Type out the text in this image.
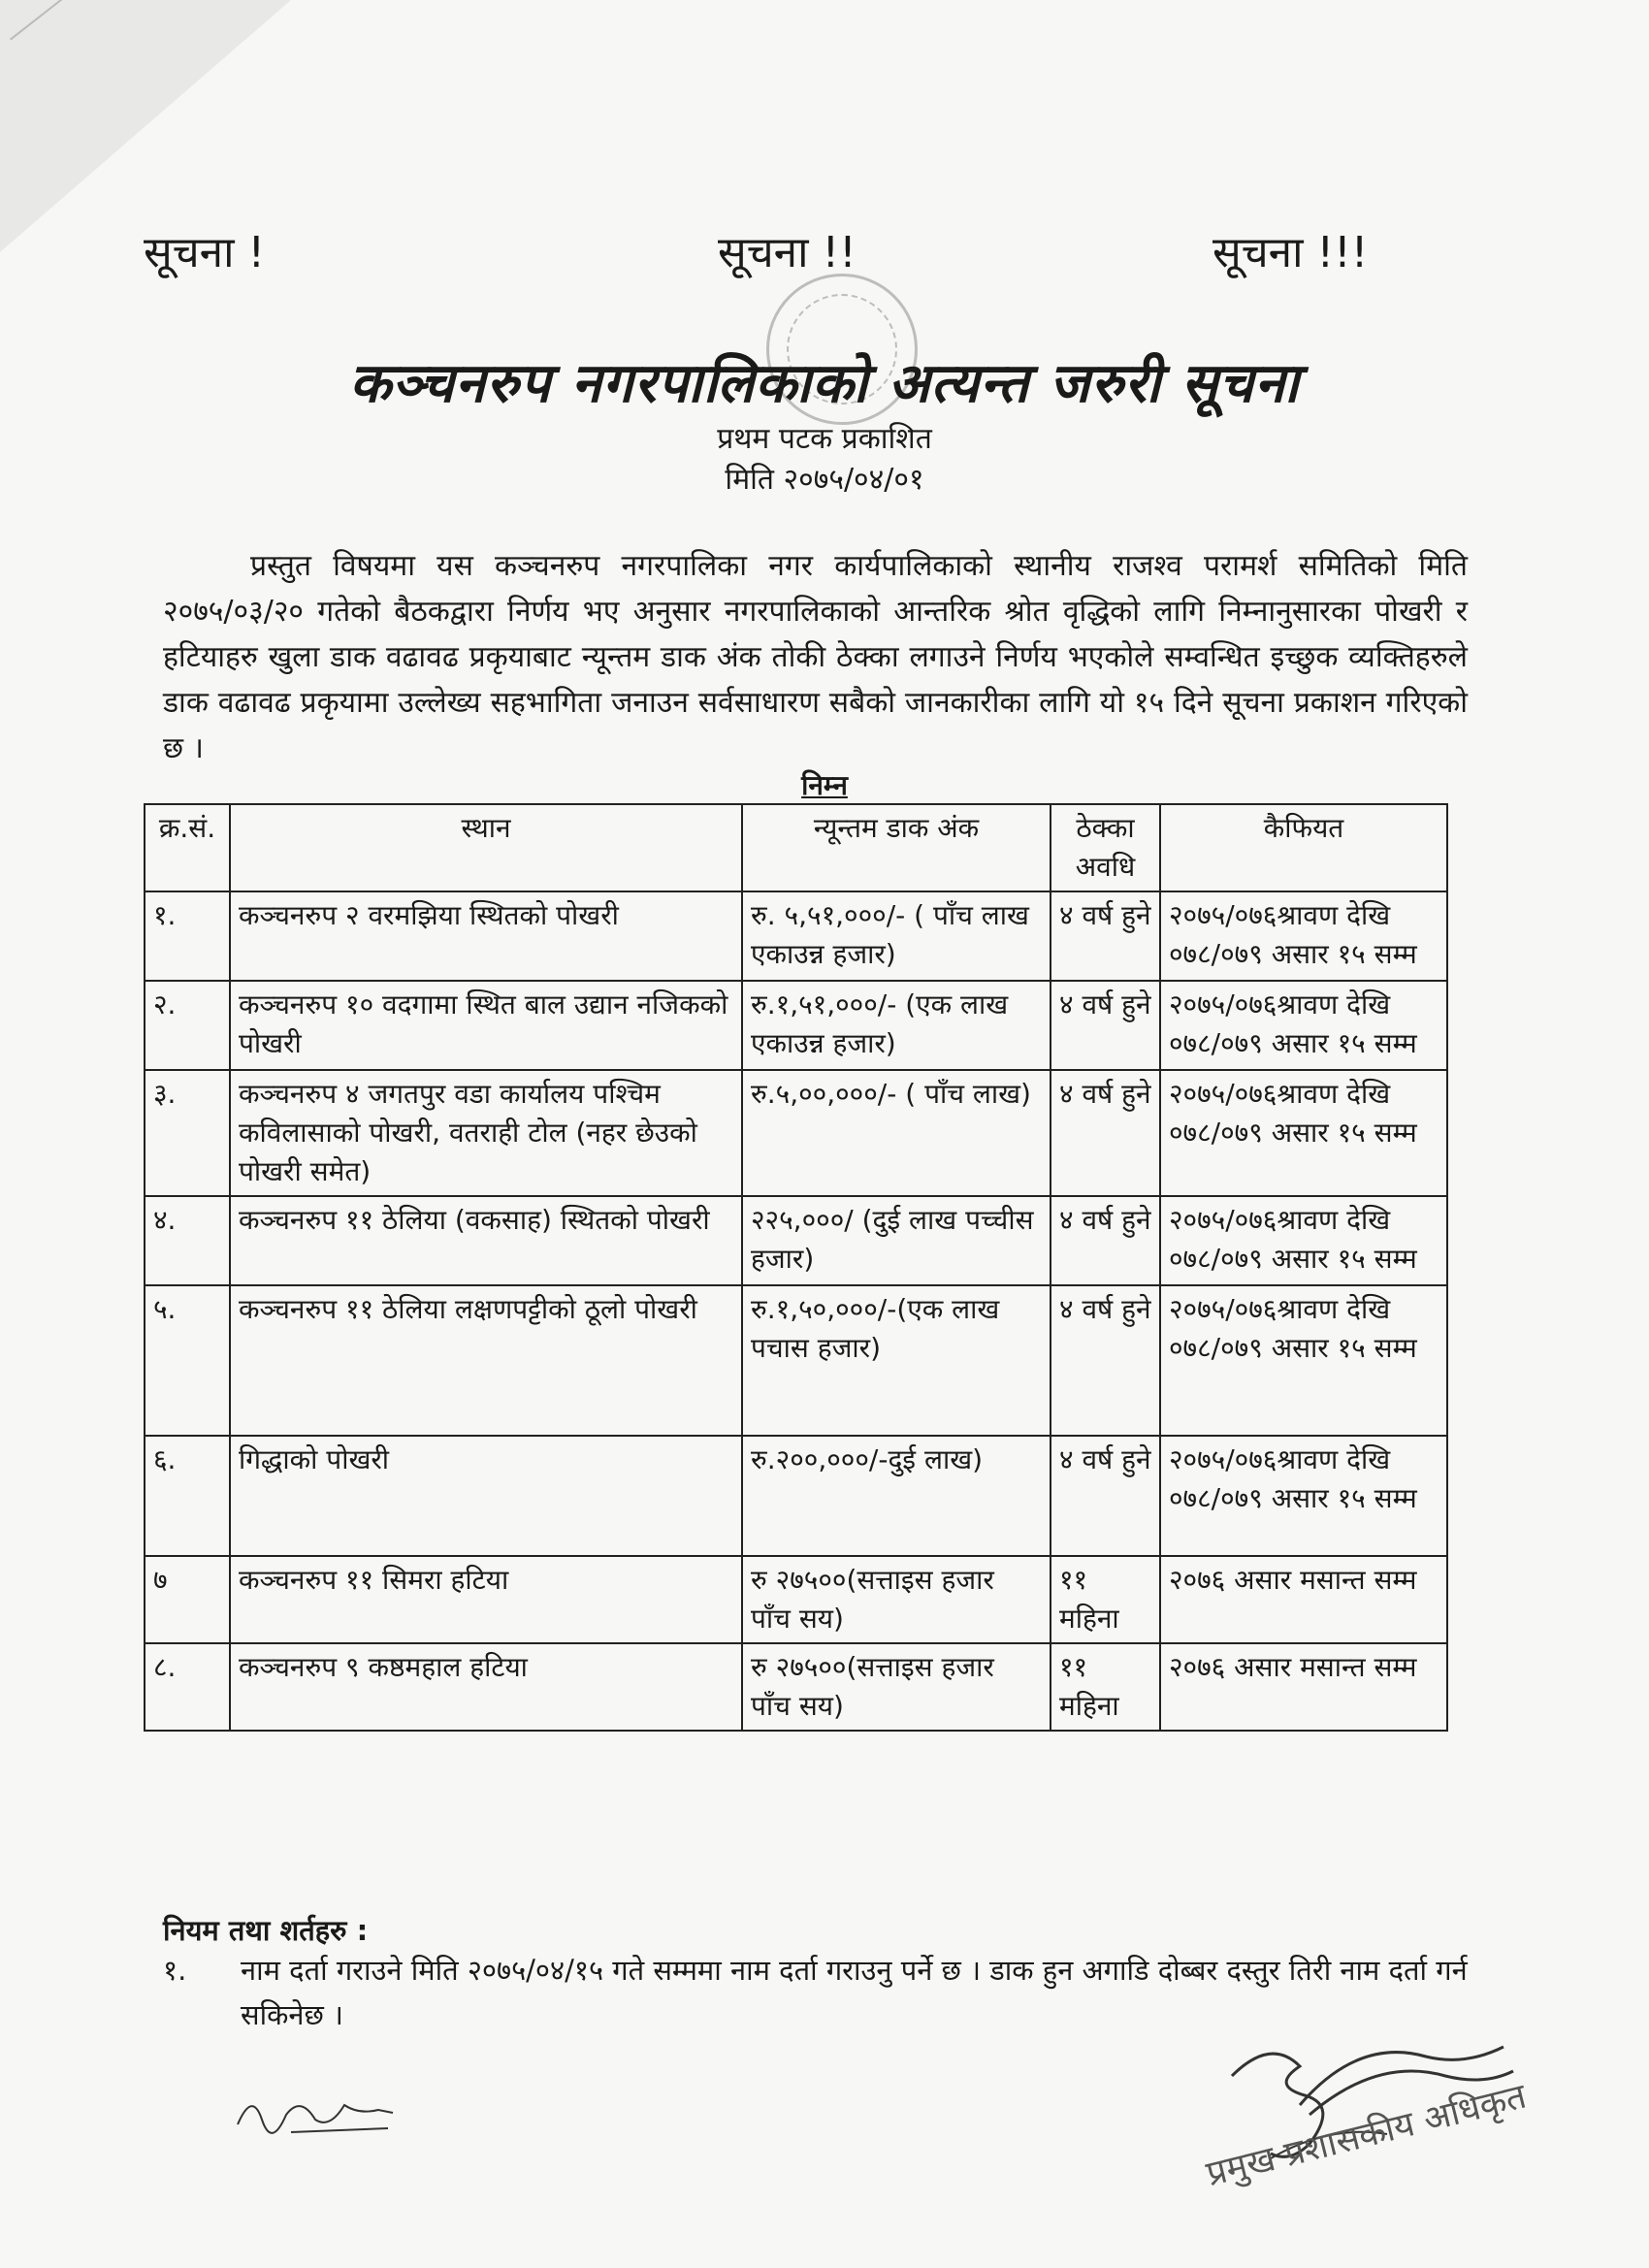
सूचना !	सूचना !!	सूचना !!!
कञ्चनरुप नगरपालिकाको अत्यन्त जरुरी सूचना
प्रथम पटक प्रकाशित
मिति २०७५/०४/०१
प्रस्तुत विषयमा यस कञ्चनरुप नगरपालिका नगर कार्यपालिकाको स्थानीय राजश्व परामर्श समितिको मिति २०७५/०३/२० गतेको बैठकद्वारा निर्णय भए अनुसार नगरपालिकाको आन्तरिक श्रोत वृद्धिको लागि निम्नानुसारका पोखरी र हटियाहरु खुला डाक वढावढ प्रकृयाबाट न्यून्तम डाक अंक तोकी ठेक्का लगाउने निर्णय भएकोले सम्वन्धित इच्छुक व्यक्तिहरुले डाक वढावढ प्रकृयामा उल्लेख्य सहभागिता जनाउन सर्वसाधारण सबैको जानकारीका लागि यो १५ दिने सूचना प्रकाशन गरिएको छ ।
निम्न
क्र.सं.	स्थान	न्यून्तम डाक अंक	ठेक्का अवधि	कैफियत
१.	कञ्चनरुप २ वरमझिया स्थितको पोखरी	रु. ५,५१,०००/- ( पाँच लाख एकाउन्न हजार)	४ वर्ष हुने	२०७५/०७६श्रावण देखि ०७८/०७९ असार १५ सम्म
२.	कञ्चनरुप १० वदगामा स्थित बाल उद्यान नजिकको पोखरी	रु.१,५१,०००/- (एक लाख एकाउन्न हजार)	४ वर्ष हुने	२०७५/०७६श्रावण देखि ०७८/०७९ असार १५ सम्म
३.	कञ्चनरुप ४ जगतपुर वडा कार्यालय पश्चिम कविलासाको पोखरी, वतराही टोल (नहर छेउको पोखरी समेत)	रु.५,००,०००/- ( पाँच लाख)	४ वर्ष हुने	२०७५/०७६श्रावण देखि ०७८/०७९ असार १५ सम्म
४.	कञ्चनरुप ११ ठेलिया (वकसाह) स्थितको पोखरी	२२५,०००/ (दुई लाख पच्चीस हजार)	४ वर्ष हुने	२०७५/०७६श्रावण देखि ०७८/०७९ असार १५ सम्म
५.	कञ्चनरुप ११ ठेलिया लक्षणपट्टीको ठूलो पोखरी	रु.१,५०,०००/-(एक लाख पचास हजार)	४ वर्ष हुने	२०७५/०७६श्रावण देखि ०७८/०७९ असार १५ सम्म
६.	गिद्धाको पोखरी	रु.२००,०००/-दुई लाख)	४ वर्ष हुने	२०७५/०७६श्रावण देखि ०७८/०७९ असार १५ सम्म
७	कञ्चनरुप ११ सिमरा हटिया	रु २७५००(सत्ताइस हजार पाँच सय)	११ महिना	२०७६ असार मसान्त सम्म
८.	कञ्चनरुप ९ कष्ठमहाल हटिया	रु २७५००(सत्ताइस हजार पाँच सय)	११ महिना	२०७६ असार मसान्त सम्म
नियम तथा शर्तहरु :
१. नाम दर्ता गराउने मिति २०७५/०४/१५ गते सम्ममा नाम दर्ता गराउनु पर्ने छ । डाक हुन अगाडि दोब्बर दस्तुर तिरी नाम दर्ता गर्न सकिनेछ ।
प्रमुख प्रशासकीय अधिकृत
